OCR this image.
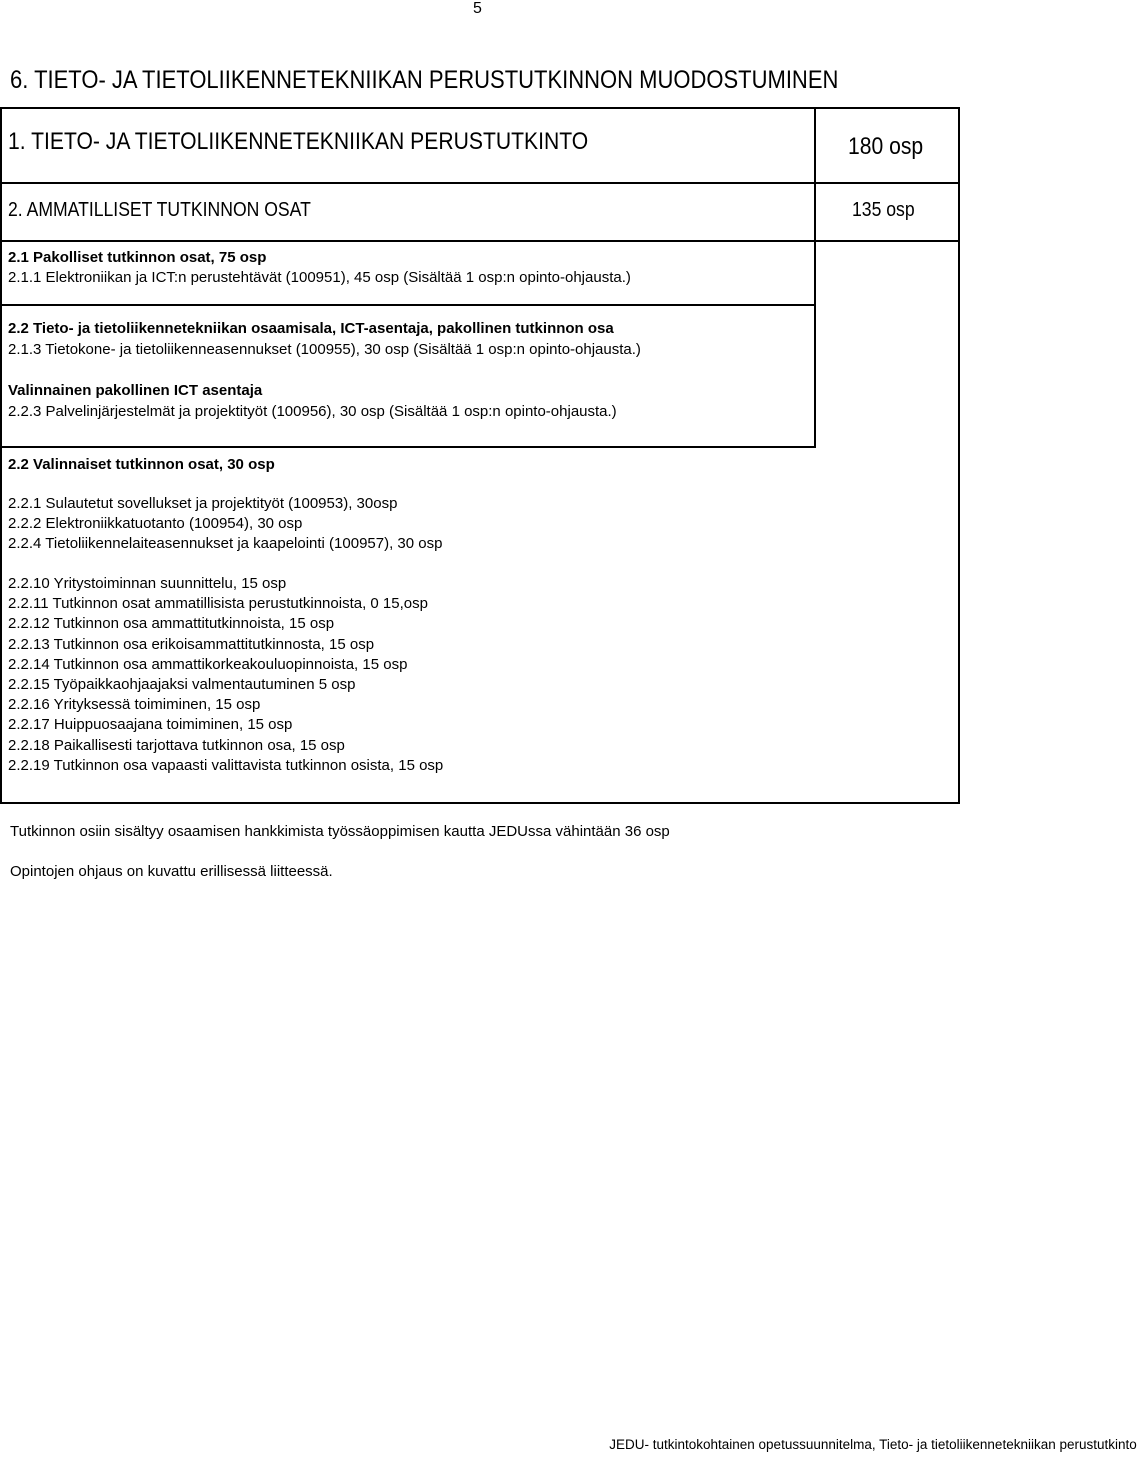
5
6. TIETO- JA TIETOLIIKENNETEKNIIKAN PERUSTUTKINNON MUODOSTUMINEN
1. TIETO- JA TIETOLIIKENNETEKNIIKAN PERUSTUTKINTO	180 osp
2. AMMATILLISET TUTKINNON OSAT	135 osp
2.1 Pakolliset tutkinnon osat, 75 osp
2.1.1 Elektroniikan ja ICT:n perustehtävät (100951), 45 osp (Sisältää 1 osp:n opinto-ohjausta.)
2.2 Tieto- ja tietoliikennetekniikan osaamisala, ICT-asentaja, pakollinen tutkinnon osa
2.1.3 Tietokone- ja tietoliikenneasennukset (100955), 30 osp (Sisältää 1 osp:n opinto-ohjausta.)
Valinnainen pakollinen ICT asentaja
2.2.3 Palvelinjärjestelmät ja projektityöt (100956), 30 osp (Sisältää 1 osp:n opinto-ohjausta.)
2.2 Valinnaiset tutkinnon osat, 30 osp
2.2.1 Sulautetut sovellukset ja projektityöt (100953), 30osp
2.2.2 Elektroniikkatuotanto (100954), 30 osp
2.2.4 Tietoliikennelaiteasennukset ja kaapelointi (100957), 30 osp
2.2.10 Yritystoiminnan suunnittelu, 15 osp
2.2.11 Tutkinnon osat ammatillisista perustutkinnoista, 0 15,osp
2.2.12 Tutkinnon osa ammattitutkinnoista, 15 osp
2.2.13 Tutkinnon osa erikoisammattitutkinnosta, 15 osp
2.2.14 Tutkinnon osa ammattikorkeakouluopinnoista, 15 osp
2.2.15 Työpaikkaohjaajaksi valmentautuminen 5 osp
2.2.16 Yrityksessä toimiminen, 15 osp
2.2.17 Huippuosaajana toimiminen, 15 osp
2.2.18 Paikallisesti tarjottava tutkinnon osa, 15 osp
2.2.19 Tutkinnon osa vapaasti valittavista tutkinnon osista, 15 osp
Tutkinnon osiin sisältyy osaamisen hankkimista työssäoppimisen kautta JEDUssa vähintään 36 osp
Opintojen ohjaus on kuvattu erillisessä liitteessä.
JEDU- tutkintokohtainen opetussuunnitelma, Tieto- ja tietoliikennetekniikan perustutkinto
